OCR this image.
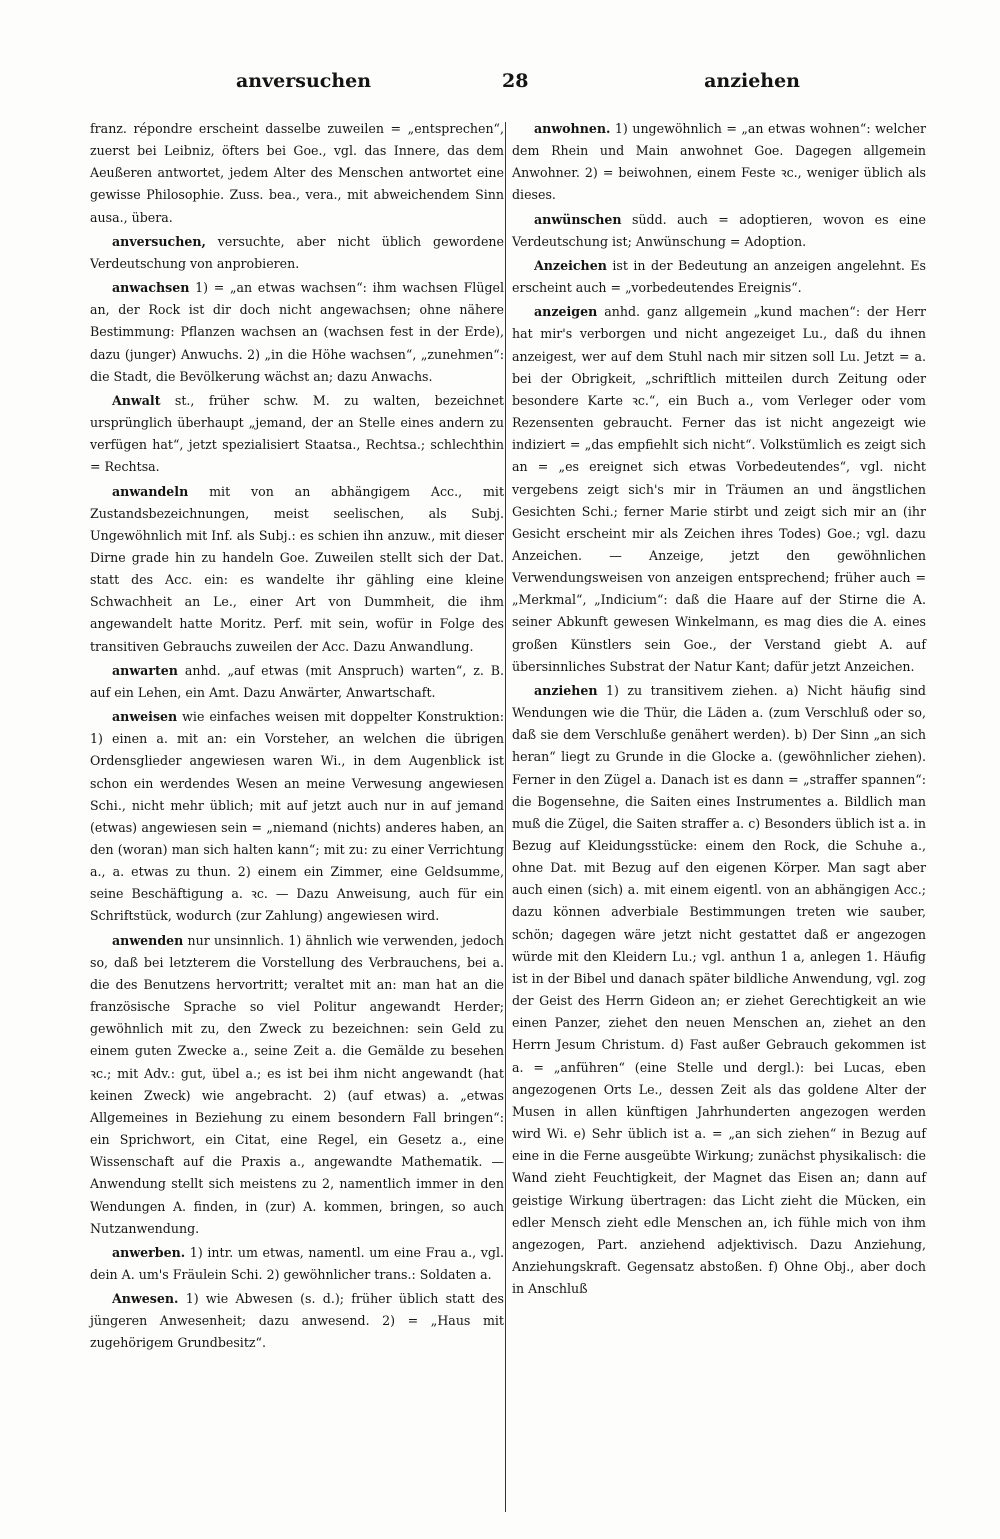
anversuchen	28	anziehen

franz. répondre erscheint dasselbe zuweilen = „entsprechen“, zuerst bei Leibniz, öfters bei Goe., vgl. das Innere, das dem Aeußeren antwortet, jedem Alter des Menschen antwortet eine gewisse Philosophie. Zuss. bea., vera., mit abweichendem Sinn ausa., übera.

anversuchen, versuchte, aber nicht üblich gewordene Verdeutschung von anprobieren.

anwachsen 1) = „an etwas wachsen“: ihm wachsen Flügel an, der Rock ist dir doch nicht angewachsen; ohne nähere Bestimmung: Pflanzen wachsen an (wachsen fest in der Erde), dazu (junger) Anwuchs. 2) „in die Höhe wachsen“, „zunehmen“: die Stadt, die Bevölkerung wächst an; dazu Anwachs.

Anwalt st., früher schw. M. zu walten, bezeichnet ursprünglich überhaupt „jemand, der an Stelle eines andern zu verfügen hat“, jetzt spezialisiert Staatsa., Rechtsa.; schlechthin = Rechtsa.

anwandeln mit von an abhängigem Acc., mit Zustandsbezeichnungen, meist seelischen, als Subj. Ungewöhnlich mit Inf. als Subj.: es schien ihn anzuw., mit dieser Dirne grade hin zu handeln Goe. Zuweilen stellt sich der Dat. statt des Acc. ein: es wandelte ihr gähling eine kleine Schwachheit an Le., einer Art von Dummheit, die ihm angewandelt hatte Moritz. Perf. mit sein, wofür in Folge des transitiven Gebrauchs zuweilen der Acc. Dazu Anwandlung.

anwarten anhd. „auf etwas (mit Anspruch) warten“, z. B. auf ein Lehen, ein Amt. Dazu Anwärter, Anwartschaft.

anweisen wie einfaches weisen mit doppelter Konstruktion: 1) einen a. mit an: ein Vorsteher, an welchen die übrigen Ordensglieder angewiesen waren Wi., in dem Augenblick ist schon ein werdendes Wesen an meine Verwesung angewiesen Schi., nicht mehr üblich; mit auf jetzt auch nur in auf jemand (etwas) angewiesen sein = „niemand (nichts) anderes haben, an den (woran) man sich halten kann“; mit zu: zu einer Verrichtung a., a. etwas zu thun. 2) einem ein Zimmer, eine Geldsumme, seine Beschäftigung a. ꝛc. — Dazu Anweisung, auch für ein Schriftstück, wodurch (zur Zahlung) angewiesen wird.

anwenden nur unsinnlich. 1) ähnlich wie verwenden, jedoch so, daß bei letzterem die Vorstellung des Verbrauchens, bei a. die des Benutzens hervortritt; veraltet mit an: man hat an die französische Sprache so viel Politur angewandt Herder; gewöhnlich mit zu, den Zweck zu bezeichnen: sein Geld zu einem guten Zwecke a., seine Zeit a. die Gemälde zu besehen ꝛc.; mit Adv.: gut, übel a.; es ist bei ihm nicht angewandt (hat keinen Zweck) wie angebracht. 2) (auf etwas) a. „etwas Allgemeines in Beziehung zu einem besondern Fall bringen“: ein Sprichwort, ein Citat, eine Regel, ein Gesetz a., eine Wissenschaft auf die Praxis a., angewandte Mathematik. — Anwendung stellt sich meistens zu 2, namentlich immer in den Wendungen A. finden, in (zur) A. kommen, bringen, so auch Nutzanwendung.

anwerben. 1) intr. um etwas, namentl. um eine Frau a., vgl. dein A. um's Fräulein Schi. 2) gewöhnlicher trans.: Soldaten a.

Anwesen. 1) wie Abwesen (s. d.); früher üblich statt des jüngeren Anwesenheit; dazu anwesend. 2) = „Haus mit zugehörigem Grundbesitz“.

anwohnen. 1) ungewöhnlich = „an etwas wohnen“: welcher dem Rhein und Main anwohnet Goe. Dagegen allgemein Anwohner. 2) = beiwohnen, einem Feste ꝛc., weniger üblich als dieses.

anwünschen südd. auch = adoptieren, wovon es eine Verdeutschung ist; Anwünschung = Adoption.

Anzeichen ist in der Bedeutung an anzeigen angelehnt. Es erscheint auch = „vorbedeutendes Ereignis“.

anzeigen anhd. ganz allgemein „kund machen“: der Herr hat mir's verborgen und nicht angezeiget Lu., daß du ihnen anzeigest, wer auf dem Stuhl nach mir sitzen soll Lu. Jetzt = a. bei der Obrigkeit, „schriftlich mitteilen durch Zeitung oder besondere Karte ꝛc.“, ein Buch a., vom Verleger oder vom Rezensenten gebraucht. Ferner das ist nicht angezeigt wie indiziert = „das empfiehlt sich nicht“. Volkstümlich es zeigt sich an = „es ereignet sich etwas Vorbedeutendes“, vgl. nicht vergebens zeigt sich's mir in Träumen an und ängstlichen Gesichten Schi.; ferner Marie stirbt und zeigt sich mir an (ihr Gesicht erscheint mir als Zeichen ihres Todes) Goe.; vgl. dazu Anzeichen. — Anzeige, jetzt den gewöhnlichen Verwendungsweisen von anzeigen entsprechend; früher auch = „Merkmal“, „Indicium“: daß die Haare auf der Stirne die A. seiner Abkunft gewesen Winkelmann, es mag dies die A. eines großen Künstlers sein Goe., der Verstand giebt A. auf übersinnliches Substrat der Natur Kant; dafür jetzt Anzeichen.

anziehen 1) zu transitivem ziehen. a) Nicht häufig sind Wendungen wie die Thür, die Läden a. (zum Verschluß oder so, daß sie dem Verschluße genähert werden). b) Der Sinn „an sich heran“ liegt zu Grunde in die Glocke a. (gewöhnlicher ziehen). Ferner in den Zügel a. Danach ist es dann = „straffer spannen“: die Bogensehne, die Saiten eines Instrumentes a. Bildlich man muß die Zügel, die Saiten straffer a. c) Besonders üblich ist a. in Bezug auf Kleidungsstücke: einem den Rock, die Schuhe a., ohne Dat. mit Bezug auf den eigenen Körper. Man sagt aber auch einen (sich) a. mit einem eigentl. von an abhängigen Acc.; dazu können adverbiale Bestimmungen treten wie sauber, schön; dagegen wäre jetzt nicht gestattet daß er angezogen würde mit den Kleidern Lu.; vgl. anthun 1 a, anlegen 1. Häufig ist in der Bibel und danach später bildliche Anwendung, vgl. zog der Geist des Herrn Gideon an; er ziehet Gerechtigkeit an wie einen Panzer, ziehet den neuen Menschen an, ziehet an den Herrn Jesum Christum. d) Fast außer Gebrauch gekommen ist a. = „anführen“ (eine Stelle und dergl.): bei Lucas, eben angezogenen Orts Le., dessen Zeit als das goldene Alter der Musen in allen künftigen Jahrhunderten angezogen werden wird Wi. e) Sehr üblich ist a. = „an sich ziehen“ in Bezug auf eine in die Ferne ausgeübte Wirkung; zunächst physikalisch: die Wand zieht Feuchtigkeit, der Magnet das Eisen an; dann auf geistige Wirkung übertragen: das Licht zieht die Mücken, ein edler Mensch zieht edle Menschen an, ich fühle mich von ihm angezogen, Part. anziehend adjektivisch. Dazu Anziehung, Anziehungskraft. Gegensatz abstoßen. f) Ohne Obj., aber doch in Anschluß
